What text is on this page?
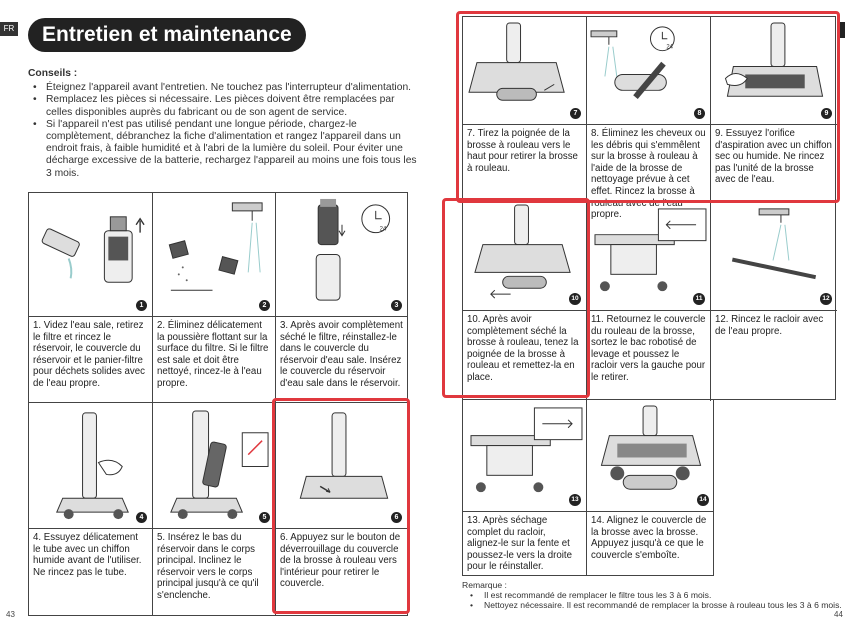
FR	Entretien et maintenance
Conseils :
• Éteignez l'appareil avant l'entretien. Ne touchez pas l'interrupteur d'alimentation.
• Remplacez les pièces si nécessaire. Les pièces doivent être remplacées par celles disponibles auprès du fabricant ou de son agent de service.
• Si l'appareil n'est pas utilisé pendant une longue période, chargez-le complètement, débranchez la fiche d'alimentation et rangez l'appareil dans un endroit frais, à faible humidité et à l'abri de la lumière du soleil. Pour éviter une décharge excessive de la batterie, rechargez l'appareil au moins une fois tous les 3 mois.
1
1. Videz l'eau sale, retirez le filtre et rincez le réservoir, le couvercle du réservoir et le panier-filtre pour déchets solides avec de l'eau propre.
2
2. Éliminez délicatement la poussière flottant sur la surface du filtre. Si le filtre est sale et doit être nettoyé, rincez-le à l'eau propre.
24
3
3. Après avoir complètement séché le filtre, réinstallez-le dans le couvercle du réservoir d'eau sale. Insérez le couvercle du réservoir d'eau sale dans le réservoir.
4
4. Essuyez délicatement le tube avec un chiffon humide avant de l'utiliser. Ne rincez pas le tube.
5
5. Insérez le bas du réservoir dans le corps principal. Inclinez le réservoir vers le corps principal jusqu'à ce qu'il s'enclenche.
6
6. Appuyez sur le bouton de déverrouillage du couvercle de la brosse à rouleau vers l'intérieur pour retirer le couvercle.
7
7. Tirez la poignée de la brosse à rouleau vers le haut pour retirer la brosse à rouleau.
24
8
8. Éliminez les cheveux ou les débris qui s'emmêlent sur la brosse à rouleau à l'aide de la brosse de nettoyage prévue à cet effet. Rincez la brosse à rouleau avec de l'eau propre.
9
9. Essuyez l'orifice d'aspiration avec un chiffon sec ou humide. Ne rincez pas l'unité de la brosse avec de l'eau.
10
10. Après avoir complètement séché la brosse à rouleau, tenez la poignée de la brosse à rouleau et remettez-la en place.
11
11. Retournez le couvercle du rouleau de la brosse, sortez le bac robotisé de levage et poussez le racloir vers la gauche pour le retirer.
12
12. Rincez le racloir avec de l'eau propre.
13
13. Après séchage complet du racloir, alignez-le sur la fente et poussez-le vers la droite pour le réinstaller.
14
14. Alignez le couvercle de la brosse avec la brosse. Appuyez jusqu'à ce que le couvercle s'emboîte.
Remarque :
• Il est recommandé de remplacer le filtre tous les 3 à 6 mois.
• Nettoyez nécessaire. Il est recommandé de remplacer la brosse à rouleau tous les 3 à 6 mois.
43	44
